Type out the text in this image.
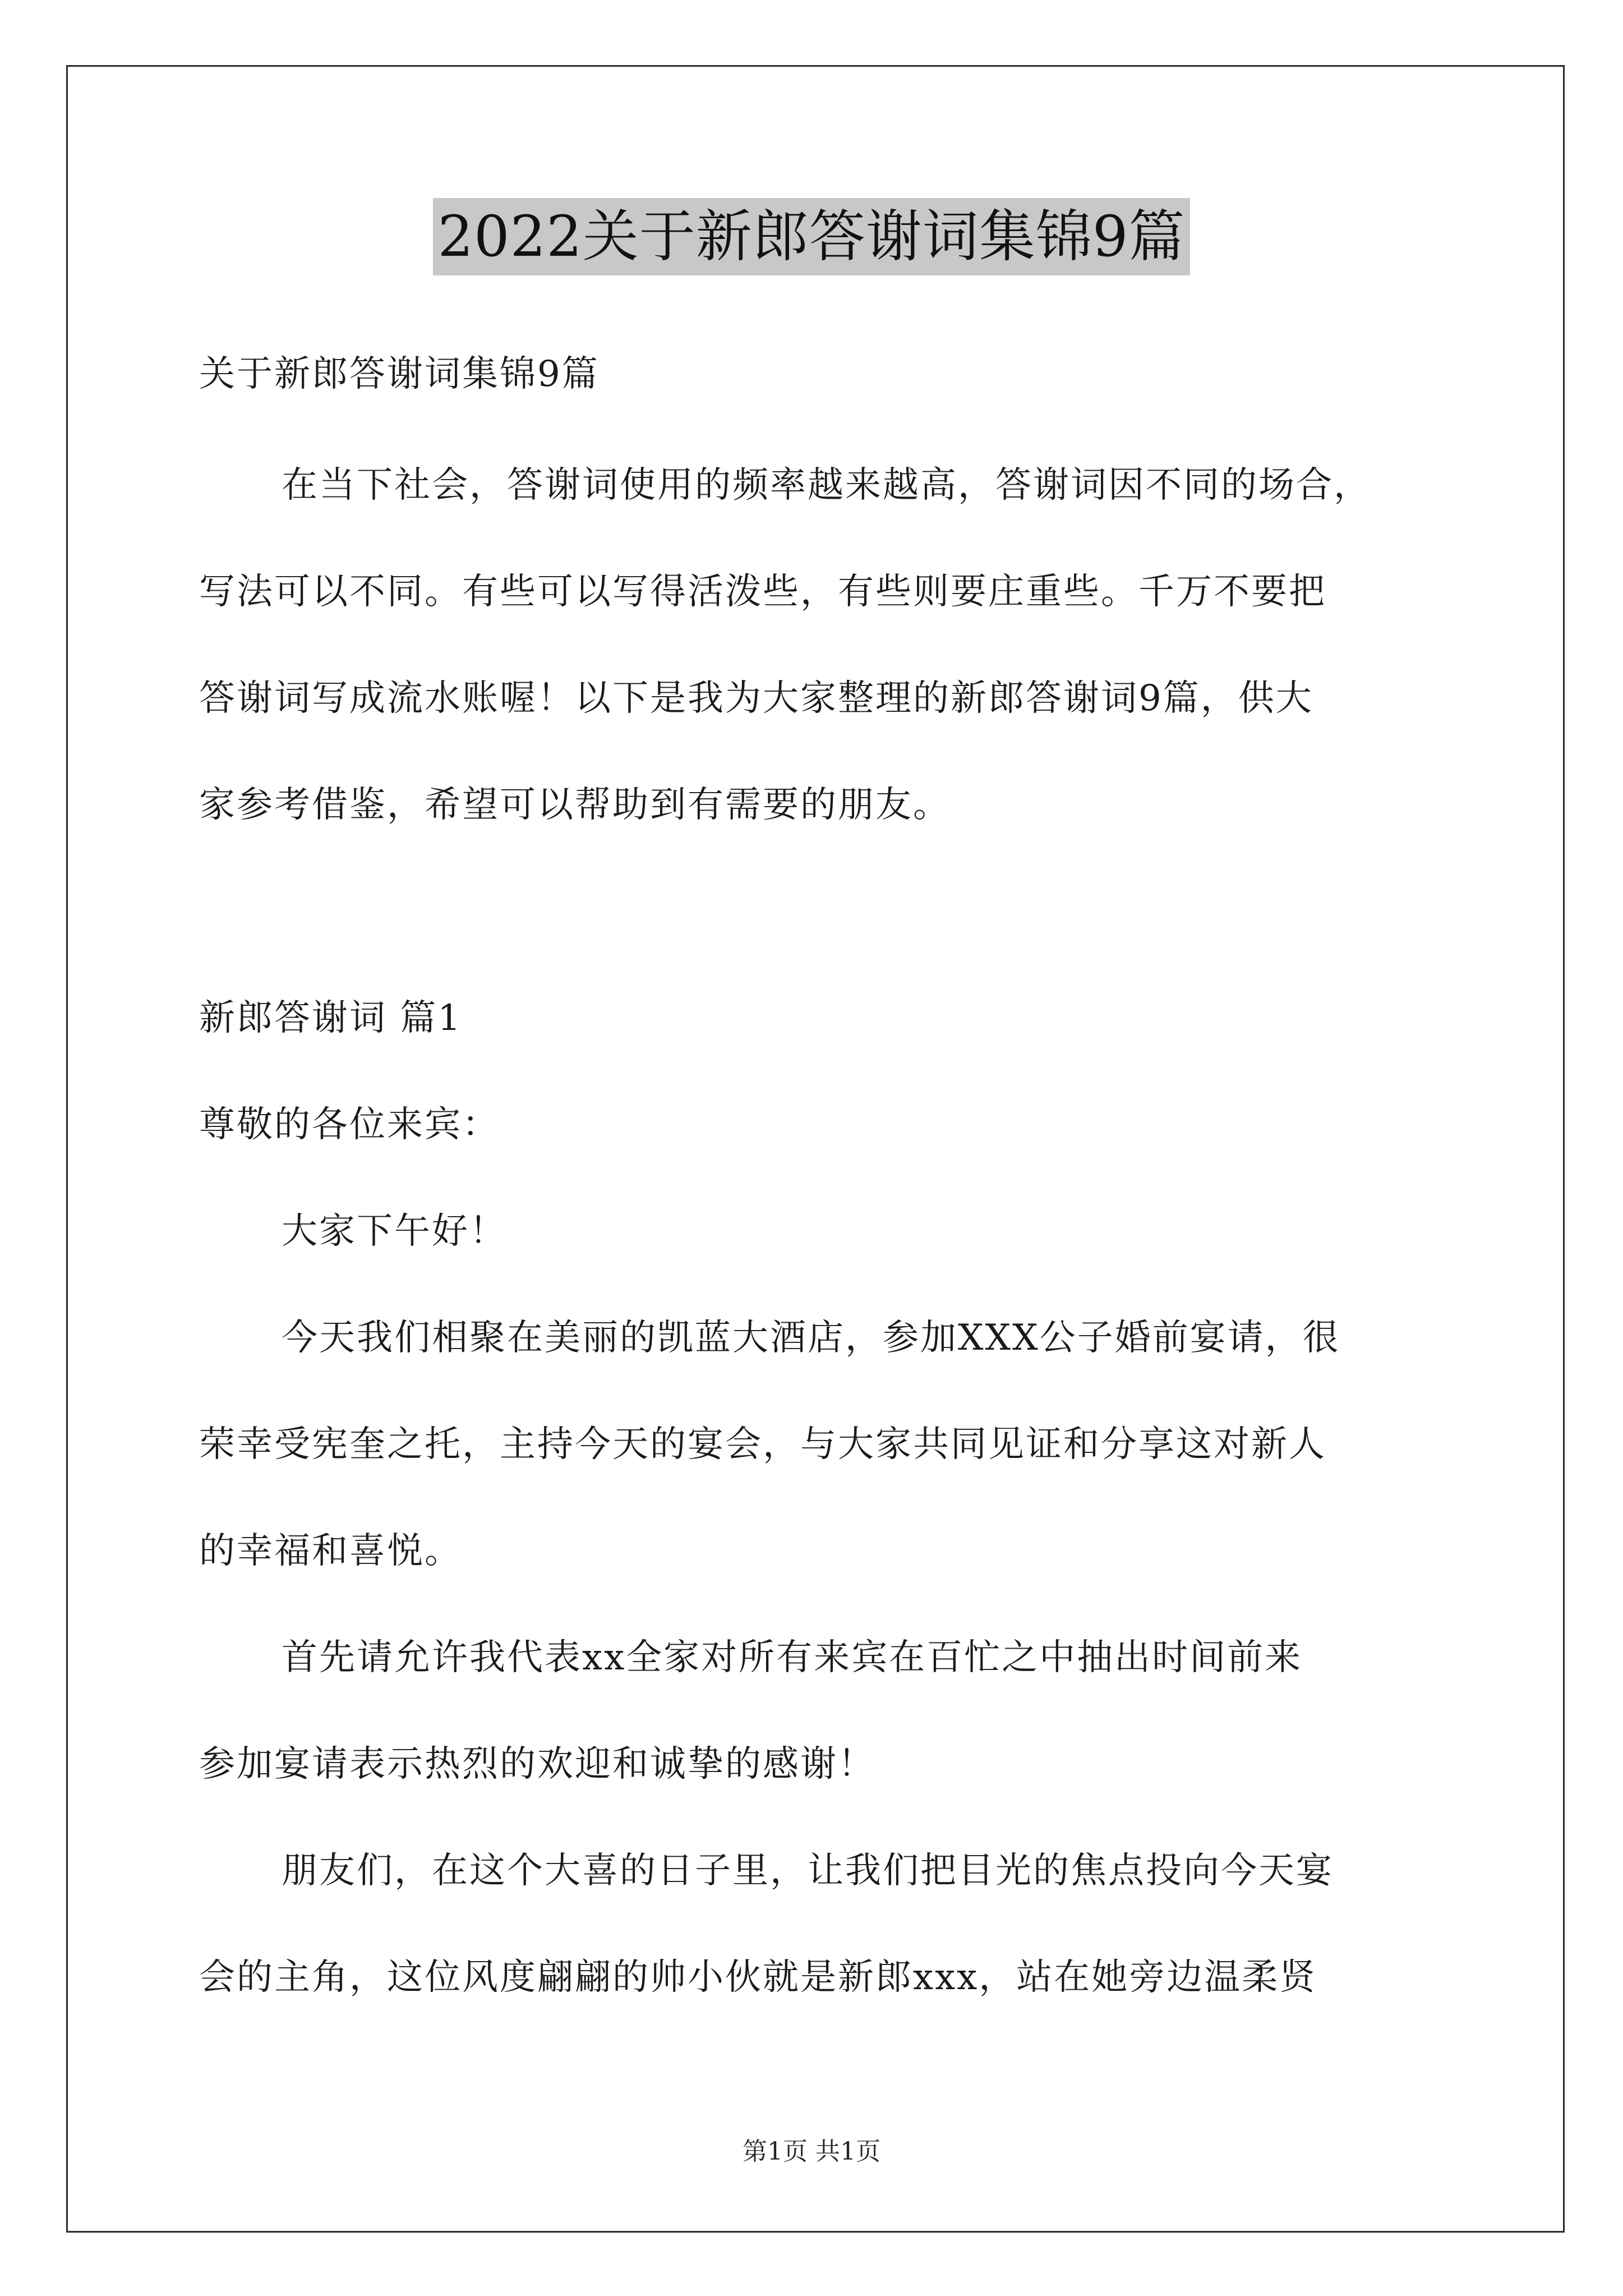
2022关于新郎答谢词集锦9篇
关于新郎答谢词集锦9篇
在当下社会，答谢词使用的频率越来越高，答谢词因不同的场合，
写法可以不同。有些可以写得活泼些，有些则要庄重些。千万不要把
答谢词写成流水账喔！以下是我为大家整理的新郎答谢词9篇，供大
家参考借鉴，希望可以帮助到有需要的朋友。
新郎答谢词 篇1
尊敬的各位来宾：
大家下午好！
今天我们相聚在美丽的凯蓝大酒店，参加XXX公子婚前宴请，很
荣幸受宪奎之托，主持今天的宴会，与大家共同见证和分享这对新人
的幸福和喜悦。
首先请允许我代表xx全家对所有来宾在百忙之中抽出时间前来
参加宴请表示热烈的欢迎和诚挚的感谢！
朋友们，在这个大喜的日子里，让我们把目光的焦点投向今天宴
会的主角，这位风度翩翩的帅小伙就是新郎xxx，站在她旁边温柔贤
第1页 共1页
